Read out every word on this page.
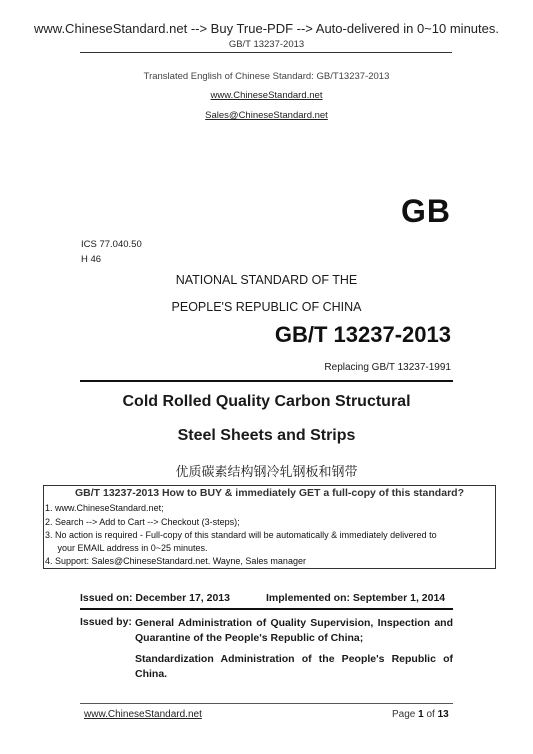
www.ChineseStandard.net --> Buy True-PDF --> Auto-delivered in 0~10 minutes.
GB/T 13237-2013
Translated English of Chinese Standard: GB/T13237-2013
www.ChineseStandard.net
Sales@ChineseStandard.net
GB
ICS 77.040.50
H 46
NATIONAL STANDARD OF THE
PEOPLE'S REPUBLIC OF CHINA
GB/T 13237-2013
Replacing GB/T 13237-1991
Cold Rolled Quality Carbon Structural
Steel Sheets and Strips
优质碳素结构钢冷轧钢板和钢带
GB/T 13237-2013 How to BUY & immediately GET a full-copy of this standard?
1. www.ChineseStandard.net;
2. Search --> Add to Cart --> Checkout (3-steps);
3. No action is required - Full-copy of this standard will be automatically & immediately delivered to
your EMAIL address in 0~25 minutes.
4. Support: Sales@ChineseStandard.net. Wayne, Sales manager
Issued on: December 17, 2013	Implemented on: September 1, 2014
Issued by: General Administration of Quality Supervision, Inspection and Quarantine of the People's Republic of China;
Standardization Administration of the People's Republic of China.
www.ChineseStandard.net	Page 1 of 13
